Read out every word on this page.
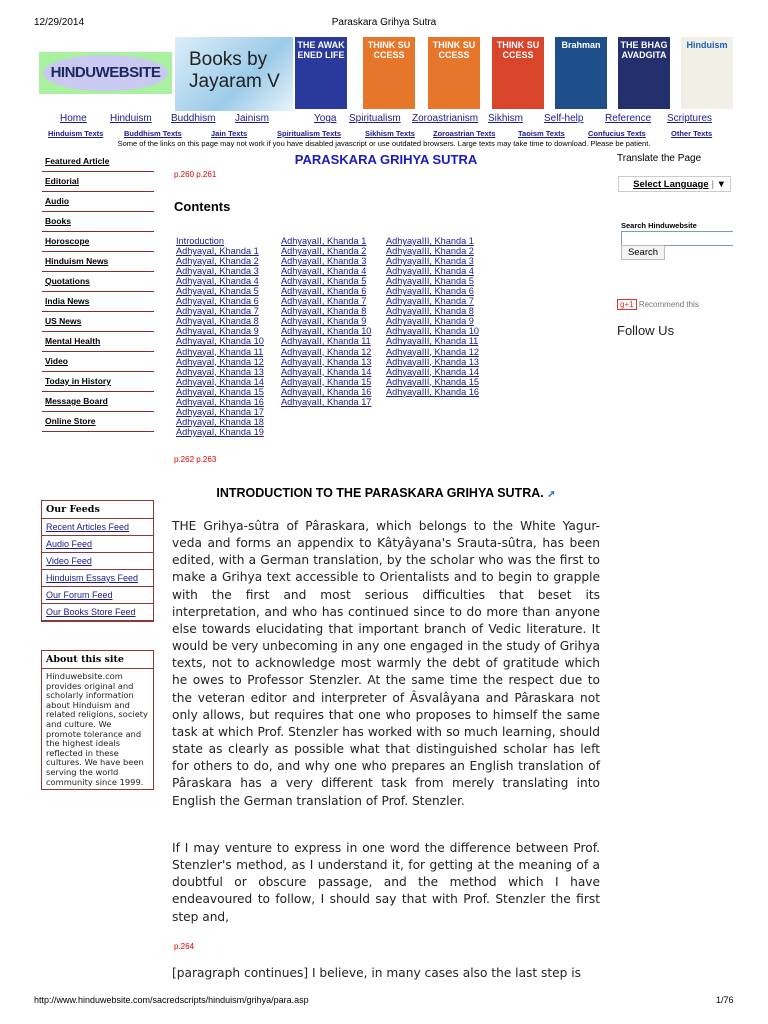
12/29/2014	Paraskara Grihya Sutra
HINDUWEBSITE
Books by
Jayaram V
THE AWAKENED LIFE
THINK SUCCESS
THINK SUCCESS
THINK SUCCESS
Brahman	THE BHAGAVADGITA
Hinduism
Home Hinduism Buddhism Jainism	Yoga Spiritualism Zoroastrianism Sikhism Self-help Reference Scriptures
Hinduism Texts	Buddhism Texts	Jain Texts	Spiritualism Texts	Sikhism Texts Zoroastrian Texts	Taoism Texts	Confucius Texts	Other Texts
Some of the links on this page may not work if you have disabled javascript or use outdated browsers. Large texts may take time to download. Please be patient.
Featured Article
Editorial
Audio
Books
Horoscope
Hinduism News
Quotations
India News
US News
Mental Health
Video
Today in History
Message Board
Online Store
Our Feeds
Recent Articles Feed
Audio Feed
Video Feed
Hinduism Essays Feed
Our Forum Feed
Our Books Store Feed
About this site
Hinduwebsite.com provides original and scholarly information about Hinduism and related religions, society and culture. We promote tolerance and the highest ideals reflected in these cultures. We have been serving the world community since 1999.
PARASKARA GRIHYA SUTRA
p.260 p.261
Contents
Introduction
AdhyayaI, Khanda 1
AdhyayaI, Khanda 2
AdhyayaI, Khanda 3
AdhyayaI, Khanda 4
AdhyayaI, Khanda 5
AdhyayaI, Khanda 6
AdhyayaI, Khanda 7
AdhyayaI, Khanda 8
AdhyayaI, Khanda 9
AdhyayaI, Khanda 10
AdhyayaI, Khanda 11
AdhyayaI, Khanda 12
AdhyayaI, Khanda 13
AdhyayaI, Khanda 14
AdhyayaI, Khanda 15
AdhyayaI, Khanda 16
AdhyayaI, Khanda 17
AdhyayaI, Khanda 18
AdhyayaI, Khanda 19
AdhyayaII, Khanda 1
AdhyayaII, Khanda 2
AdhyayaII, Khanda 3
AdhyayaII, Khanda 4
AdhyayaII, Khanda 5
AdhyayaII, Khanda 6
AdhyayaII, Khanda 7
AdhyayaII, Khanda 8
AdhyayaII, Khanda 9
AdhyayaII, Khanda 10
AdhyayaII, Khanda 11
AdhyayaII, Khanda 12
AdhyayaII, Khanda 13
AdhyayaII, Khanda 14
AdhyayaII, Khanda 15
AdhyayaII, Khanda 16
AdhyayaII, Khanda 17
AdhyayaIII, Khanda 1
AdhyayaIII, Khanda 2
AdhyayaIII, Khanda 3
AdhyayaIII, Khanda 4
AdhyayaIII, Khanda 5
AdhyayaIII, Khanda 6
AdhyayaIII, Khanda 7
AdhyayaIII, Khanda 8
AdhyayaIII, Khanda 9
AdhyayaIII, Khanda 10
AdhyayaIII, Khanda 11
AdhyayaIII, Khanda 12
AdhyayaIII, Khanda 13
AdhyayaIII, Khanda 14
AdhyayaIII, Khanda 15
AdhyayaIII, Khanda 16
p.262 p.263
INTRODUCTION TO THE PARASKARA GRIHYA SUTRA. ➚
THE Grihya-sûtra of Pâraskara, which belongs to the White Yagur-veda and forms an appendix to Kâtyâyana's Srauta-sûtra, has been edited, with a German translation, by the scholar who was the first to make a Grihya text accessible to Orientalists and to begin to grapple with the first and most serious difficulties that beset its interpretation, and who has continued since to do more than anyone else towards elucidating that important branch of Vedic literature. It would be very unbecoming in any one engaged in the study of Grihya texts, not to acknowledge most warmly the debt of gratitude which he owes to Professor Stenzler. At the same time the respect due to the veteran editor and interpreter of Âsvalâyana and Pâraskara not only allows, but requires that one who proposes to himself the same task at which Prof. Stenzler has worked with so much learning, should state as clearly as possible what that distinguished scholar has left for others to do, and why one who prepares an English translation of Pâraskara has a very different task from merely translating into English the German translation of Prof. Stenzler.
If I may venture to express in one word the difference between Prof. Stenzler's method, as I understand it, for getting at the meaning of a doubtful or obscure passage, and the method which I have endeavoured to follow, I should say that with Prof. Stenzler the first step and,
p.264
[paragraph continues] I believe, in many cases also the last step is
Translate the Page
Select Language | ▼
Search Hinduwebsite
Search
g+1 Recommend this
Follow Us
http://www.hinduwebsite.com/sacredscripts/hinduism/grihya/para.asp	1/76
